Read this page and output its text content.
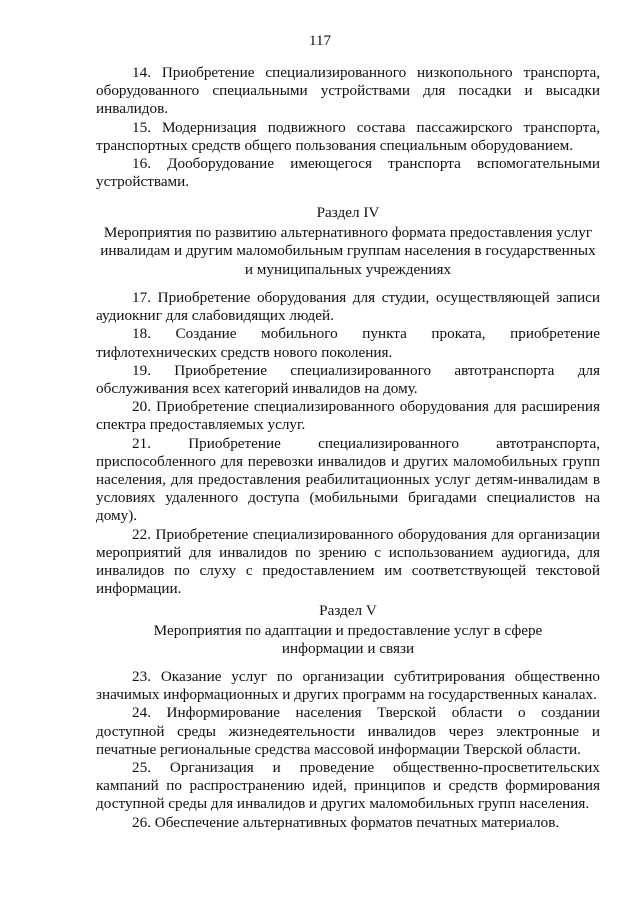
117

14. Приобретение специализированного низкопольного транспорта, оборудованного специальными устройствами для посадки и высадки инвалидов.

15. Модернизация подвижного состава пассажирского транспорта, транспортных средств общего пользования специальным оборудованием.

16. Дооборудование имеющегося транспорта вспомогательными устройствами.

Раздел IV

Мероприятия по развитию альтернативного формата предоставления услуг инвалидам и другим маломобильным группам населения в государственных и муниципальных учреждениях

17. Приобретение оборудования для студии, осуществляющей записи аудиокниг для слабовидящих людей.

18. Создание мобильного пункта проката, приобретение тифлотехнических средств нового поколения.

19. Приобретение специализированного автотранспорта для обслуживания всех категорий инвалидов на дому.

20. Приобретение специализированного оборудования для расширения спектра предоставляемых услуг.

21. Приобретение специализированного автотранспорта, приспособленного для перевозки инвалидов и других маломобильных групп населения, для предоставления реабилитационных услуг детям-инвалидам в условиях удаленного доступа (мобильными бригадами специалистов на дому).

22. Приобретение специализированного оборудования для организации мероприятий для инвалидов по зрению с использованием аудиогида, для инвалидов по слуху с предоставлением им соответствующей текстовой информации.

Раздел V

Мероприятия по адаптации и предоставление услуг в сфере информации и связи

23. Оказание услуг по организации субтитрирования общественно значимых информационных и других программ на государственных каналах.

24. Информирование населения Тверской области о создании доступной среды жизнедеятельности инвалидов через электронные и печатные региональные средства массовой информации Тверской области.

25. Организация и проведение общественно-просветительских кампаний по распространению идей, принципов и средств формирования доступной среды для инвалидов и других маломобильных групп населения.

26. Обеспечение альтернативных форматов печатных материалов.
